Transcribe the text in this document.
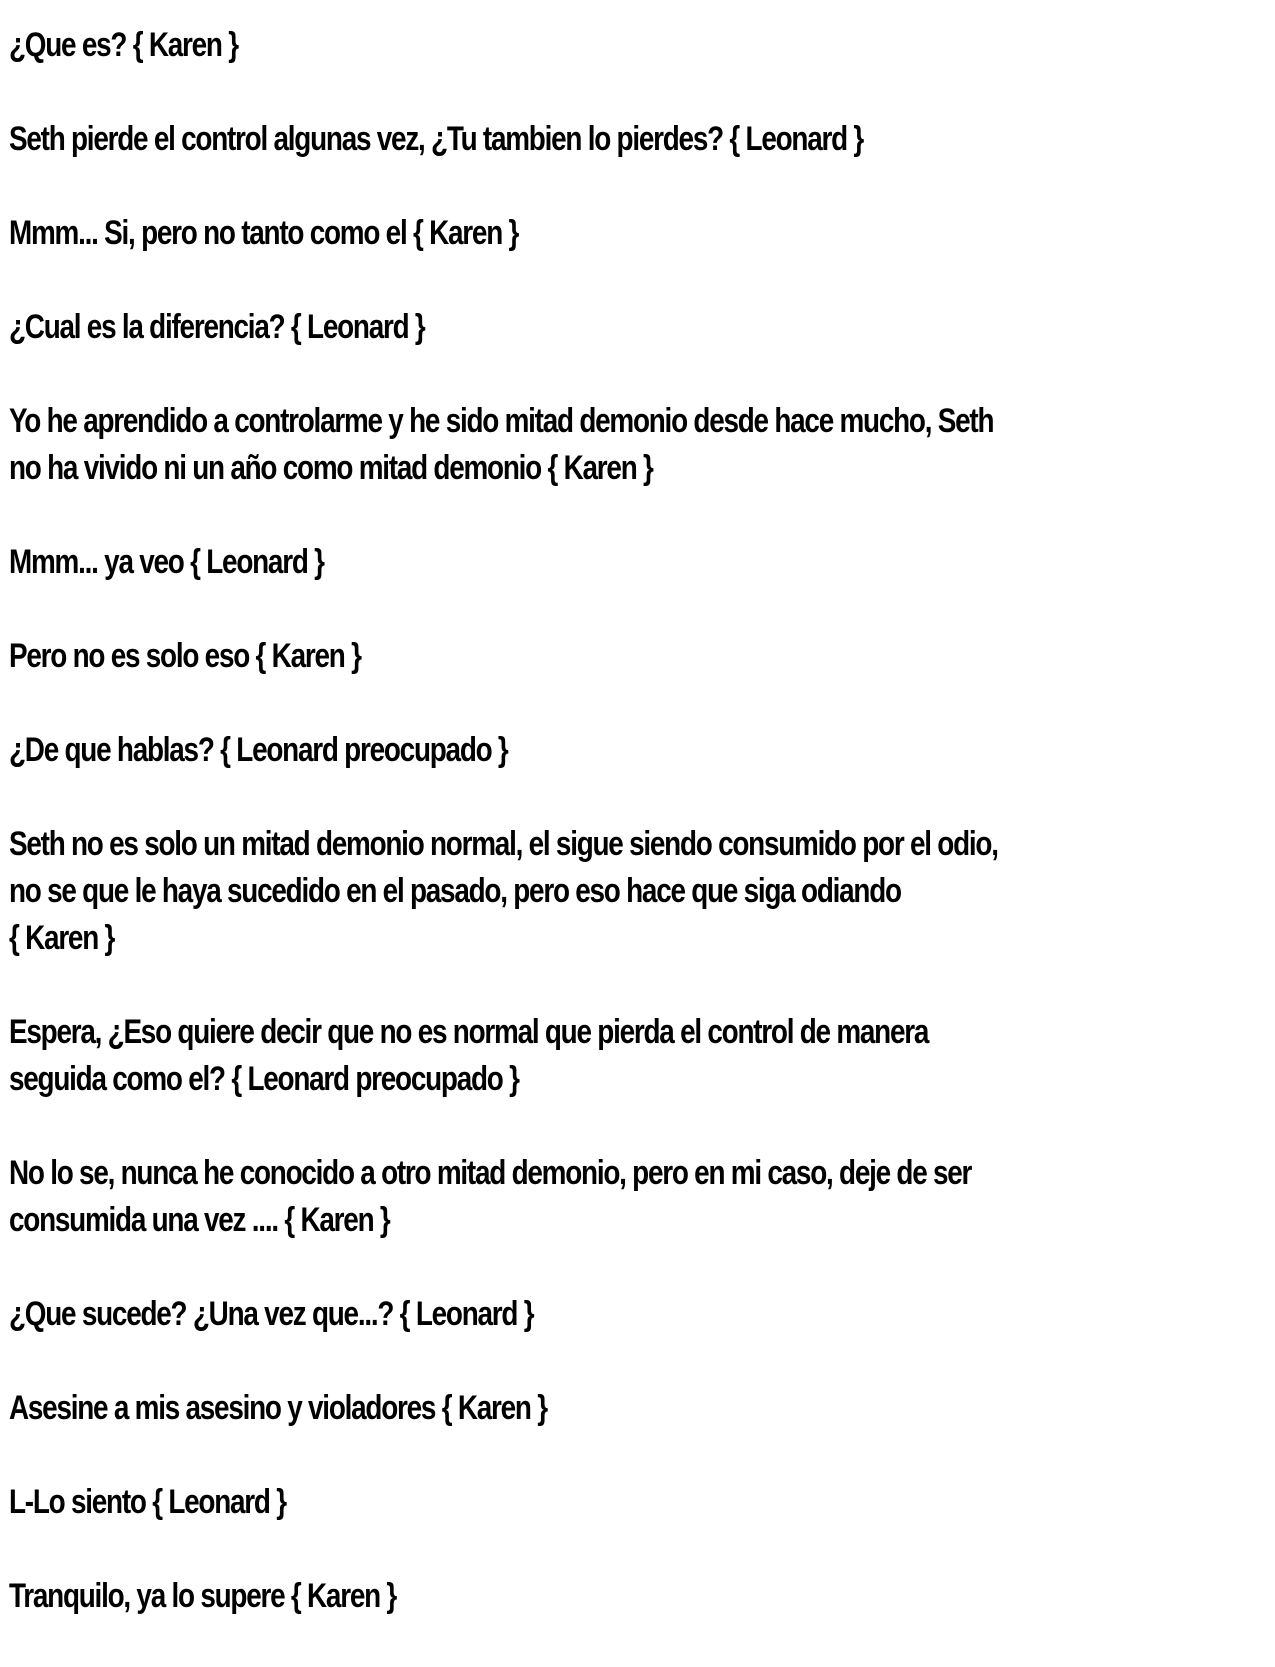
¿Que es? { Karen }

Seth pierde el control algunas vez, ¿Tu tambien lo pierdes? { Leonard }

Mmm... Si, pero no tanto como el { Karen }

¿Cual es la diferencia? { Leonard }

Yo he aprendido a controlarme y he sido mitad demonio desde hace mucho, Seth
no ha vivido ni un año como mitad demonio { Karen }

Mmm... ya veo { Leonard }

Pero no es solo eso { Karen }

¿De que hablas? { Leonard preocupado }

Seth no es solo un mitad demonio normal, el sigue siendo consumido por el odio,
no se que le haya sucedido en el pasado, pero eso hace que siga odiando
{ Karen }

Espera, ¿Eso quiere decir que no es normal que pierda el control de manera
seguida como el? { Leonard preocupado }

No lo se, nunca he conocido a otro mitad demonio, pero en mi caso, deje de ser
consumida una vez .... { Karen }

¿Que sucede? ¿Una vez que...? { Leonard }

Asesine a mis asesino y violadores { Karen }

L-Lo siento { Leonard }

Tranquilo, ya lo supere { Karen }
